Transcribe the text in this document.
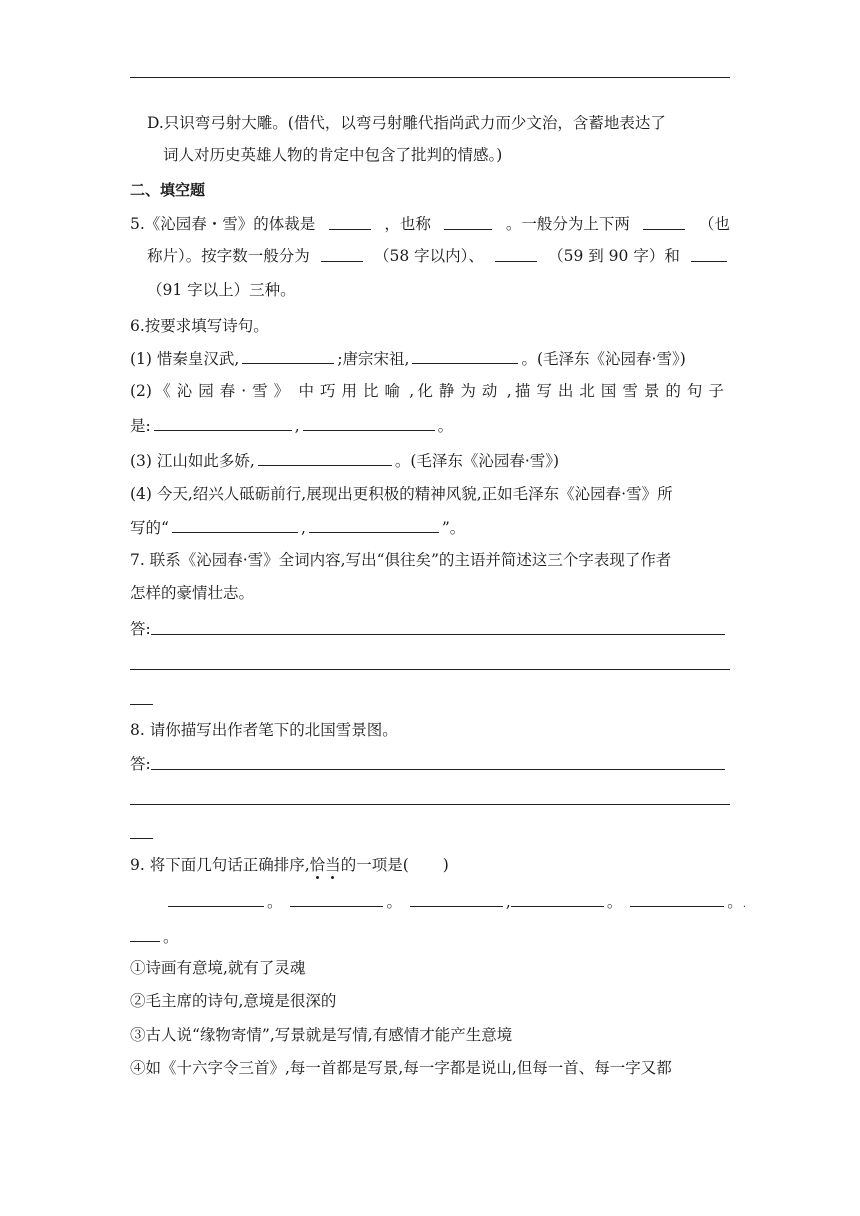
D.只识弯弓射大雕。(借代，以弯弓射雕代指尚武力而少文治，含蓄地表达了
词人对历史英雄人物的肯定中包含了批判的情感。)
二、填空题
5.《沁园春・雪》的体裁是	，也称	。一般分为上下两	（也
称片）。按字数一般分为	（58 字以内）、	（59 到 90 字）和
（91 字以上）三种。
6.按要求填写诗句。
(1) 惜秦皇汉武,	;唐宗宋祖,	。(毛泽东《沁园春·雪》)
(2) 《沁园春·雪》 中巧用比喻 , 化静为动 , 描写出北国雪景的句子
是:	,	。
(3) 江山如此多娇,	。(毛泽东《沁园春·雪》)
(4) 今天,绍兴人砥砺前行,展现出更积极的精神风貌,正如毛泽东《沁园春·雪》所
写的“	,	”。
7. 联系《沁园春·雪》全词内容,写出“俱往矣”的主语并简述这三个字表现了作者
怎样的豪情壮志。
答:
8. 请你描写出作者笔下的北国雪景图。
答:
9. 将下面几句话正确排序,恰当的一项是( )
。	。	,	。	。.
。
①诗画有意境,就有了灵魂
②毛主席的诗句,意境是很深的
③古人说“缘物寄情”,写景就是写情,有感情才能产生意境
④如《十六字令三首》,每一首都是写景,每一字都是说山,但每一首、每一字又都
